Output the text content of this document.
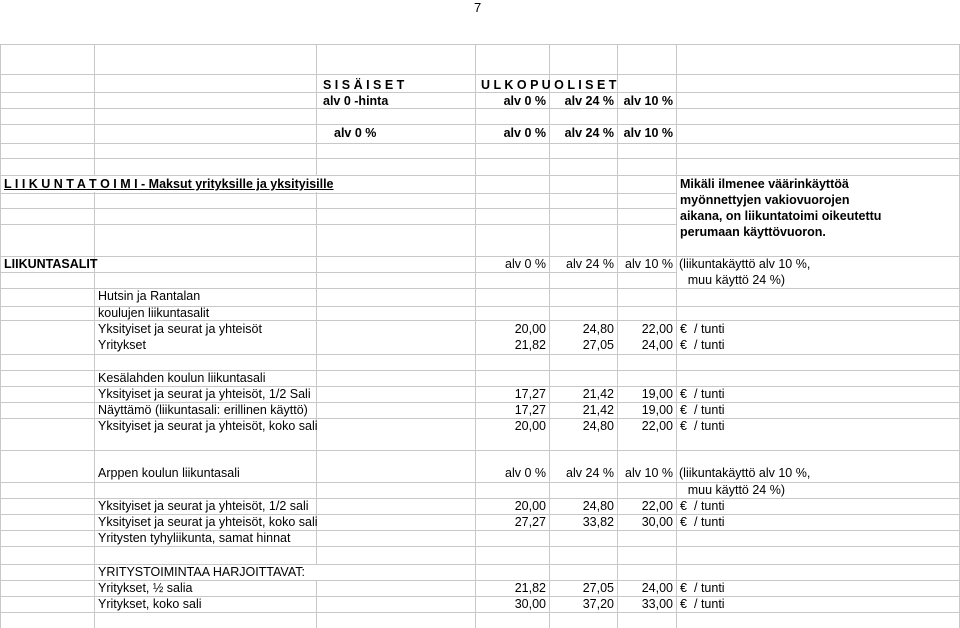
7
S I S Ä I S E T	U L K O P U O L I S E T
alv 0 -hinta	alv 0 %	alv 24 % alv 10 %
alv 0 %	alv 0 %	alv 24 % alv 10 %
L I I K U N T A T O I M I - Maksut yrityksille ja yksityisille	Mikäli ilmenee väärinkäyttöä
myönnettyjen vakiovuorojen
aikana, on liikuntatoimi oikeutettu
perumaan käyttövuoron.
LIIKUNTASALIT	alv 0 %	alv 24 % alv 10 % (liikuntakäyttö alv 10 %,
muu käyttö 24 %)
Hutsin ja Rantalan
koulujen liikuntasalit
Yksityiset ja seurat ja yhteisöt	20,00	24,80	22,00 € / tunti
Yritykset	21,82	27,05	24,00 € / tunti
Kesälahden koulun liikuntasali
Yksityiset ja seurat ja yhteisöt, 1/2 Sali	17,27	21,42	19,00 € / tunti
Näyttämö (liikuntasali: erillinen käyttö)	17,27	21,42	19,00 € / tunti
Yksityiset ja seurat ja yhteisöt, koko sali	20,00	24,80	22,00 € / tunti
Arppen koulun liikuntasali	alv 0 %	alv 24 % alv 10 % (liikuntakäyttö alv 10 %,
muu käyttö 24 %)
Yksityiset ja seurat ja yhteisöt, 1/2 sali	20,00	24,80	22,00 € / tunti
Yksityiset ja seurat ja yhteisöt, koko sali	27,27	33,82	30,00 € / tunti
Yritysten tyhyliikunta, samat hinnat
YRITYSTOIMINTAA HARJOITTAVAT:
Yritykset, ½ salia	21,82	27,05	24,00 € / tunti
Yritykset, koko sali	30,00	37,20	33,00 € / tunti
